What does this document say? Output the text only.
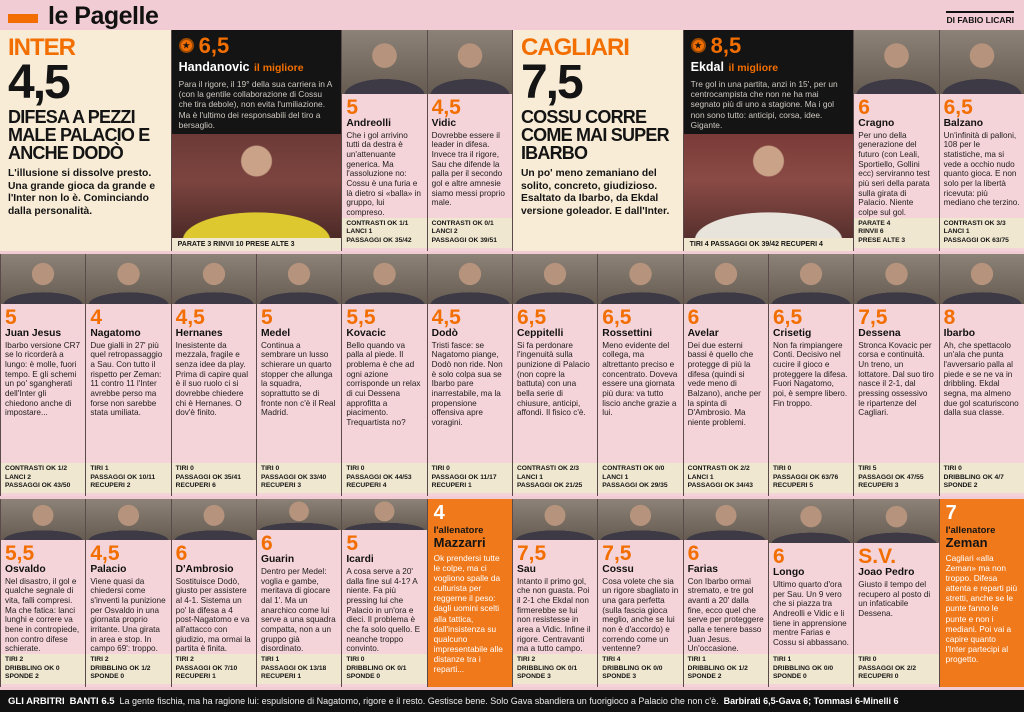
le Pagelle	DI FABIO LICARI
INTER
4,5
DIFESA A PEZZI MALE PALACIO E ANCHE DODÒ
L'illusione si dissolve presto. Una grande gioca da grande e l'Inter non lo è. Cominciando dalla personalità.
★ 6,5
Handanovic il migliore
Para il rigore, il 19° della sua carriera in A (con la gentile collaborazione di Cossu che tira debole), non evita l'umiliazione. Ma è l'ultimo dei responsabili del tiro a bersaglio.
PARATE 3 RINVII 10 PRESE ALTE 3
5
Andreolli
Che i gol arrivino tutti da destra è un'attenuante generica. Ma l'assoluzione no: Cossu è una furia e là dietro si «balla» in gruppo, lui compreso.
CONTRASTI OK 1/1
LANCI 1
PASSAGGI OK 35/42
4,5
Vidic
Dovrebbe essere il leader in difesa. Invece tra il rigore, Sau che difende la palla per il secondo gol e altre amnesie siamo messi proprio male.
CONTRASTI OK 0/1
LANCI 2
PASSAGGI OK 39/51
CAGLIARI
7,5
COSSU CORRE COME MAI SUPER IBARBO
Un po' meno zemaniano del solito, concreto, giudizioso. Esaltato da Ibarbo, da Ekdal versione goleador. E dall'Inter.
★ 8,5
Ekdal il migliore
Tre gol in una partita, anzi in 15', per un centrocampista che non ne ha mai segnato più di uno a stagione. Ma i gol non sono tutto: anticipi, corsa, idee. Gigante.
TIRI 4 PASSAGGI OK 39/42 RECUPERI 4
6
Cragno
Per uno della generazione del futuro (con Leali, Sportiello, Gollini ecc) serviranno test più seri della parata sulla girata di Palacio. Niente colpe sul gol.
PARATE 4
RINVII 6
PRESE ALTE 3
6,5
Balzano
Un'infinità di palloni, 108 per le statistiche, ma si vede a occhio nudo quanto gioca. E non solo per la libertà ricevuta: più mediano che terzino.
CONTRASTI OK 3/3
LANCI 1
PASSAGGI OK 63/75
5
Juan Jesus
Ibarbo versione CR7 se lo ricorderà a lungo: è molle, fuori tempo. E gli schemi un po' sgangherati dell'Inter gli chiedono anche di impostare...
CONTRASTI OK 1/2
LANCI 2
PASSAGGI OK 43/50
4
Nagatomo
Due gialli in 27' più quel retropassaggio a Sau. Con tutto il rispetto per Zeman: 11 contro 11 l'Inter avrebbe perso ma forse non sarebbe stata umiliata.
TIRI 1
PASSAGGI OK 10/11
RECUPERI 2
4,5
Hernanes
Inesistente da mezzala, fragile e senza idee da play. Prima di capire qual è il suo ruolo ci si dovrebbe chiedere chi è Hernanes. O dov'è finito.
TIRI 0
PASSAGGI OK 35/41
RECUPERI 6
5
Medel
Continua a sembrare un lusso schierare un quarto stopper che allunga la squadra, soprattutto se di fronte non c'è il Real Madrid.
TIRI 0
PASSAGGI OK 33/40
RECUPERI 3
5,5
Kovacic
Bello quando va palla al piede. Il problema è che ad ogni azione corrisponde un relax di cui Dessena approfitta a piacimento. Trequartista no?
TIRI 0
PASSAGGI OK 44/53
RECUPERI 4
4,5
Dodò
Tristi fasce: se Nagatomo piange, Dodò non ride. Non è solo colpa sua se Ibarbo pare inarrestabile, ma la propensione offensiva apre voragini.
TIRI 0
PASSAGGI OK 11/17
RECUPERI 1
6,5
Ceppitelli
Si fa perdonare l'ingenuità sulla punizione di Palacio (non copre la battuta) con una bella serie di chiusure, anticipi, affondi. Il fisico c'è.
CONTRASTI OK 2/3
LANCI 1
PASSAGGI OK 21/25
6,5
Rossettini
Meno evidente del collega, ma altrettanto preciso e concentrato. Doveva essere una giornata più dura: va tutto liscio anche grazie a lui.
CONTRASTI OK 0/0
LANCI 1
PASSAGGI OK 29/35
6
Avelar
Dei due esterni bassi è quello che protegge di più la difesa (quindi si vede meno di Balzano), anche per la spinta di D'Ambrosio. Ma niente problemi.
CONTRASTI OK 2/2
LANCI 1
PASSAGGI OK 34/43
6,5
Crisetig
Non fa rimpiangere Conti. Decisivo nel cucire il gioco e proteggere la difesa. Fuori Nagatomo, poi, è sempre libero. Fin troppo.
TIRI 0
PASSAGGI OK 63/76
RECUPERI 5
7,5
Dessena
Stronca Kovacic per corsa e continuità. Un treno, un lottatore. Dal suo tiro nasce il 2-1, dal pressing ossessivo le ripartenze del Cagliari.
TIRI 5
PASSAGGI OK 47/55
RECUPERI 3
8
Ibarbo
Ah, che spettacolo un'ala che punta l'avversario palla al piede e se ne va in dribbling. Ekdal segna, ma almeno due gol scaturiscono dalla sua classe.
TIRI 0
DRIBBLING OK 4/7
SPONDE 2
5,5
Osvaldo
Nel disastro, il gol e qualche segnale di vita, falli compresi. Ma che fatica: lanci lunghi e correre va bene in contropiede, non contro difese schierate.
TIRI 2
DRIBBLING OK 0
SPONDE 2
4,5
Palacio
Viene quasi da chiedersi come s'inventi la punizione per Osvaldo in una giornata proprio irritante. Una girata in area e stop. In campo 69': troppo.
TIRI 2
DRIBBLING OK 1/2
SPONDE 0
6
D'Ambrosio
Sostituisce Dodò, giusto per assistere al 4-1. Sistema un po' la difesa a 4 post-Nagatomo e va all'attacco con giudizio, ma ormai la partita è finita.
TIRI 2
PASSAGGI OK 7/10
RECUPERI 1
6
Guarin
Dentro per Medel: voglia e gambe, meritava di giocare dal 1'. Ma un anarchico come lui serve a una squadra compatta, non a un gruppo già disordinato.
TIRI 1
PASSAGGI OK 13/18
RECUPERI 1
5
Icardi
A cosa serve a 20' dalla fine sul 4-1? A niente. Fa più pressing lui che Palacio in un'ora e dieci. Il problema è che fa solo quello. E neanche troppo convinto.
TIRI 0
DRIBBLING OK 0/1
SPONDE 0
4
l'allenatore
Mazzarri
Ok prendersi tutte le colpe, ma ci vogliono spalle da culturista per reggerne il peso: dagli uomini scelti alla tattica, dall'insistenza su qualcuno impresentabile alle distanze tra i reparti...
7,5
Sau
Intanto il primo gol, che non guasta. Poi il 2-1 che Ekdal non firmerebbe se lui non resistesse in area a Vidic. Infine il rigore. Centravanti ma a tutto campo.
TIRI 2
DRIBBLING OK 0/1
SPONDE 3
7,5
Cossu
Cosa volete che sia un rigore sbagliato in una gara perfetta (sulla fascia gioca meglio, anche se lui non è d'accordo) e correndo come un ventenne?
TIRI 4
DRIBBLING OK 0/0
SPONDE 3
6
Farias
Con Ibarbo ormai stremato, e tre gol avanti a 20' dalla fine, ecco quel che serve per proteggere palla e tenere basso Juan Jesus. Un'occasione.
TIRI 1
DRIBBLING OK 1/2
SPONDE 2
6
Longo
Ultimo quarto d'ora per Sau. Un 9 vero che si piazza tra Andreolli e Vidic e li tiene in apprensione mentre Farias e Cossu si abbassano.
TIRI 1
DRIBBLING OK 0/0
SPONDE 0
S.V.
Joao Pedro
Giusto il tempo del recupero al posto di un infaticabile Dessena.
TIRI 0
PASSAGGI OK 2/2
RECUPERI 0
7
l'allenatore
Zeman
Cagliari «alla Zeman» ma non troppo. Difesa attenta e reparti più stretti, anche se le punte fanno le punte e non i mediani. Poi vai a capire quanto l'Inter partecipi al progetto.
GLI ARBITRI BANTI 6.5 La gente fischia, ma ha ragione lui: espulsione di Nagatomo, rigore e il resto. Gestisce bene. Solo Gava sbandiera un fuorigioco a Palacio che non c'è. Barbirati 6,5-Gava 6; Tommasi 6-Minelli 6
